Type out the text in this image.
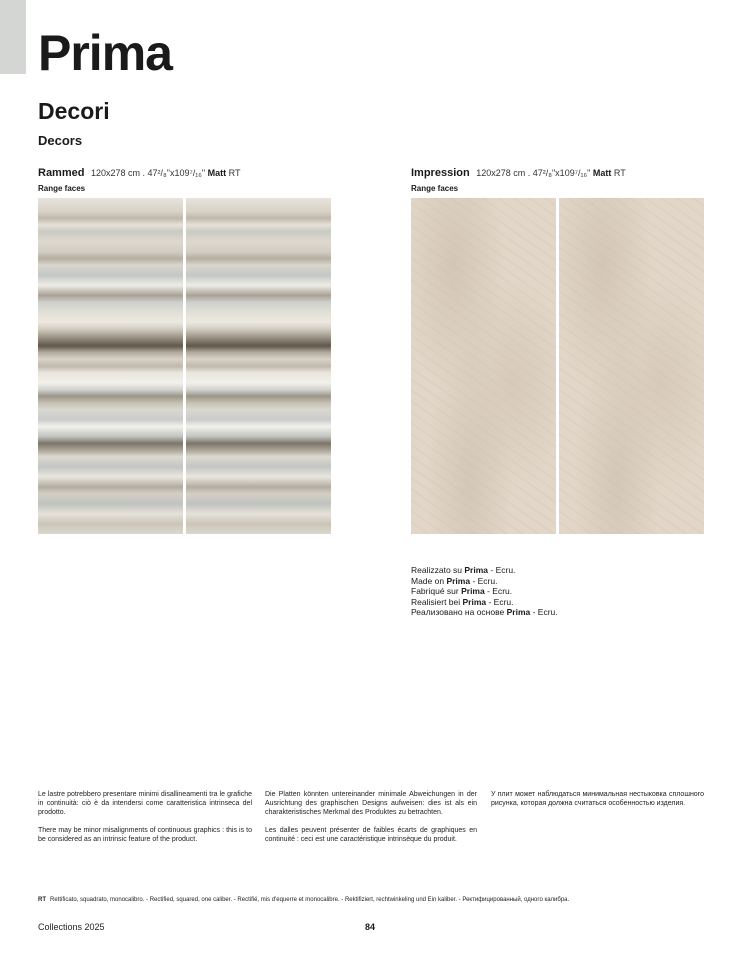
Prima
Decori
Decors
Rammed 120x278 cm . 47²/₈"x109⁷/₁₆" Matt RT
Range faces
Impression 120x278 cm . 47²/₈"x109⁷/₁₆" Matt RT
Range faces
Realizzato su Prima - Ecru.
Made on Prima - Ecru.
Fabriqué sur Prima - Ecru.
Realisiert bei Prima - Ecru.
Реализовано на основе Prima - Ecru.

Le lastre potrebbero presentare minimi disallineamenti tra le grafiche in continuità: ciò è da intendersi come caratteristica intrinseca del prodotto.

There may be minor misalignments of continuous graphics : this is to be considered as an intrinsic feature of the product.

Die Platten könnten untereinander minimale Abweichungen in der Ausrichtung des graphischen Designs aufweisen: dies ist als ein charakteristisches Merkmal des Produktes zu betrachten.

Les dalles peuvent présenter de faibles écarts de graphiques en continuité : ceci est une caractéristique intrinsèque du produit.

У плит может наблюдаться минимальная нестыковка сплошного рисунка, которая должна считаться особенностью изделия.

RT Rettificato, squadrato, monocalibro. - Rectified, squared, one caliber. - Rectifié, mis d'equerre et monocalibre. - Rektifiziert, rechtwinkeling und Ein kaliber. - Ректифицированный, одного калибра.
Collections 2025	84
